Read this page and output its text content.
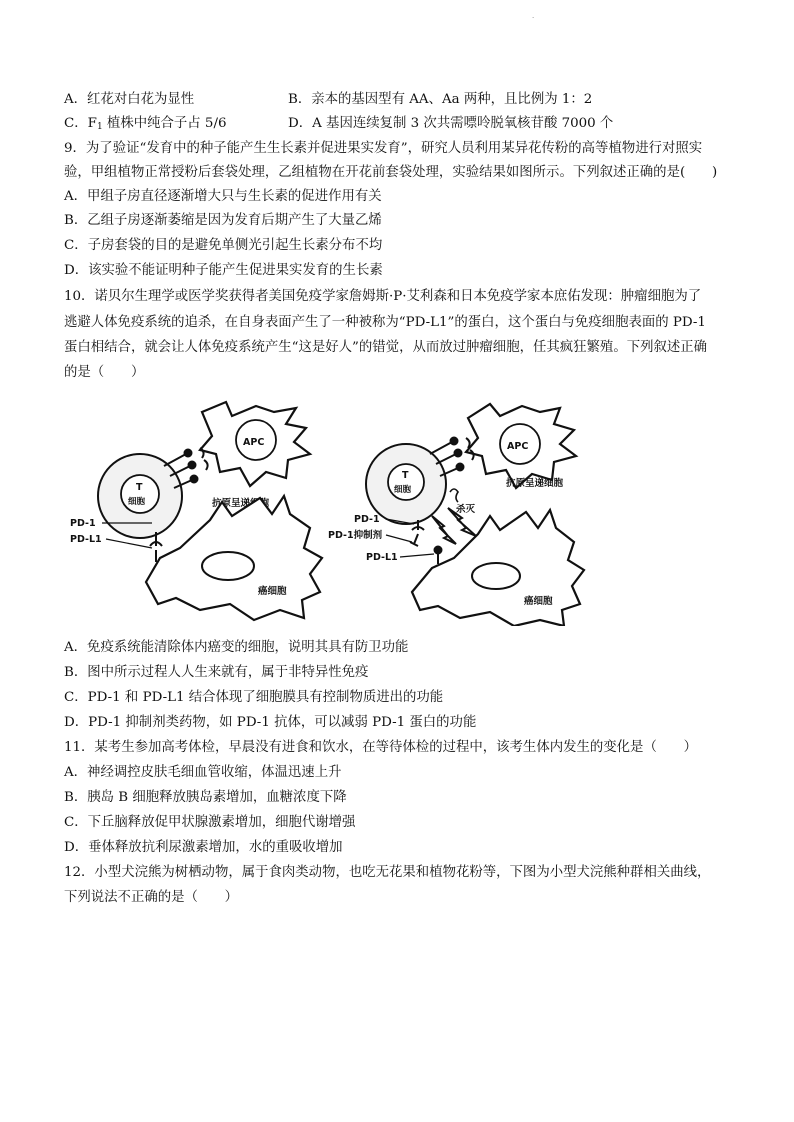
.
A．红花对白花为显性	B．亲本的基因型有 AA、Aa 两种，且比例为 1：2
C．$F_1$ 植株中纯合子占 5/6	D．A 基因连续复制 3 次共需嘌呤脱氧核苷酸 7000 个
9．为了验证“发育中的种子能产生生长素并促进果实发育”，研究人员利用某异花传粉的高等植物进行对照实
验，甲组植物正常授粉后套袋处理，乙组植物在开花前套袋处理，实验结果如图所示。下列叙述正确的是(　　)
A．甲组子房直径逐渐增大只与生长素的促进作用有关
B．乙组子房逐渐萎缩是因为发育后期产生了大量乙烯
C．子房套袋的目的是避免单侧光引起生长素分布不均
D．该实验不能证明种子能产生促进果实发育的生长素
10．诺贝尔生理学或医学奖获得者美国免疫学家詹姆斯·P·艾利森和日本免疫学家本庶佑发现：肿瘤细胞为了
逃避人体免疫系统的追杀，在自身表面产生了一种被称为“PD-L1”的蛋白，这个蛋白与免疫细胞表面的 PD-1
蛋白相结合，就会让人体免疫系统产生“这是好人”的错觉，从而放过肿瘤细胞，任其疯狂繁殖。下列叙述正确
的是（　　）
APC
抗原呈递细胞
T
细胞
癌细胞
PD-1
PD-L1
APC
抗原呈递细胞
T
细胞
癌细胞
杀灭
PD-1
PD-1抑制剂
PD-L1
A．免疫系统能清除体内癌变的细胞，说明其具有防卫功能
B．图中所示过程人人生来就有，属于非特异性免疫
C．PD-1 和 PD-L1 结合体现了细胞膜具有控制物质进出的功能
D．PD-1 抑制剂类药物，如 PD-1 抗体，可以减弱 PD-1 蛋白的功能
11．某考生参加高考体检，早晨没有进食和饮水，在等待体检的过程中，该考生体内发生的变化是（　　）
A．神经调控皮肤毛细血管收缩，体温迅速上升
B．胰岛 B 细胞释放胰岛素增加，血糖浓度下降
C．下丘脑释放促甲状腺激素增加，细胞代谢增强
D．垂体释放抗利尿激素增加，水的重吸收增加
12．小型犬浣熊为树栖动物，属于食肉类动物，也吃无花果和植物花粉等，下图为小型犬浣熊种群相关曲线，
下列说法不正确的是（　　）
